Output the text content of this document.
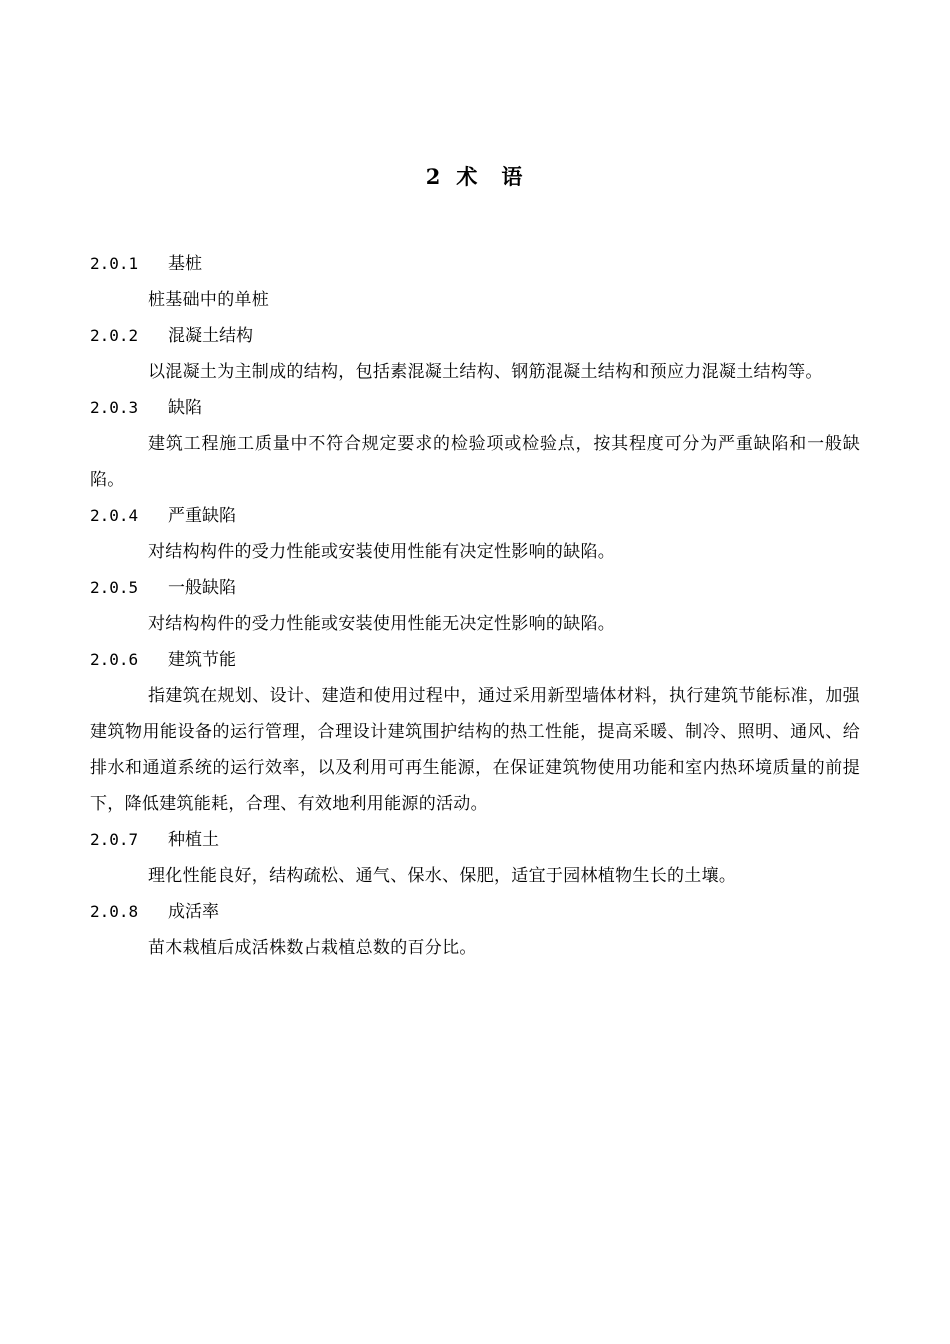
2 术 语
2.0.1 基桩
桩基础中的单桩
2.0.2 混凝土结构
以混凝土为主制成的结构，包括素混凝土结构、钢筋混凝土结构和预应力混凝土结构等。
2.0.3 缺陷
建筑工程施工质量中不符合规定要求的检验项或检验点，按其程度可分为严重缺陷和一般缺陷。
2.0.4 严重缺陷
对结构构件的受力性能或安装使用性能有决定性影响的缺陷。
2.0.5 一般缺陷
对结构构件的受力性能或安装使用性能无决定性影响的缺陷。
2.0.6 建筑节能
指建筑在规划、设计、建造和使用过程中，通过采用新型墙体材料，执行建筑节能标准，加强建筑物用能设备的运行管理，合理设计建筑围护结构的热工性能，提高采暖、制冷、照明、通风、给排水和通道系统的运行效率，以及利用可再生能源，在保证建筑物使用功能和室内热环境质量的前提下，降低建筑能耗，合理、有效地利用能源的活动。
2.0.7 种植土
理化性能良好，结构疏松、通气、保水、保肥，适宜于园林植物生长的土壤。
2.0.8 成活率
苗木栽植后成活株数占栽植总数的百分比。
